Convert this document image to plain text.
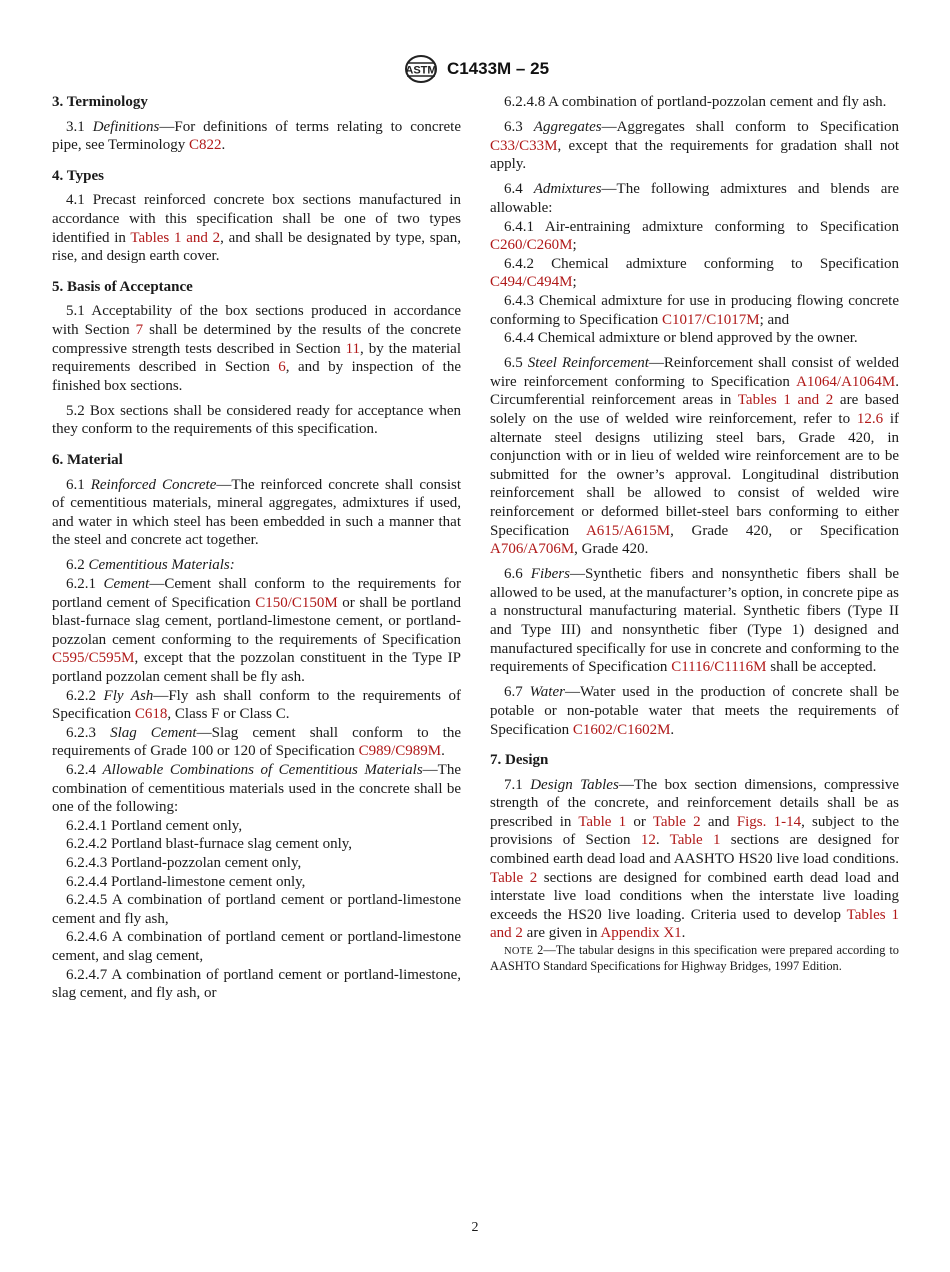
ASTM C1433M – 25
3. Terminology

3.1 Definitions—For definitions of terms relating to concrete pipe, see Terminology C822.

4. Types

4.1 Precast reinforced concrete box sections manufactured in accordance with this specification shall be one of two types identified in Tables 1 and 2, and shall be designated by type, span, rise, and design earth cover.

5. Basis of Acceptance

5.1 Acceptability of the box sections produced in accordance with Section 7 shall be determined by the results of the concrete compressive strength tests described in Section 11, by the material requirements described in Section 6, and by inspection of the finished box sections.

5.2 Box sections shall be considered ready for acceptance when they conform to the requirements of this specification.

6. Material

6.1 Reinforced Concrete—The reinforced concrete shall consist of cementitious materials, mineral aggregates, admixtures if used, and water in which steel has been embedded in such a manner that the steel and concrete act together.

6.2 Cementitious Materials:

6.2.1 Cement—Cement shall conform to the requirements for portland cement of Specification C150/C150M or shall be portland blast-furnace slag cement, portland-limestone cement, or portland-pozzolan cement conforming to the requirements of Specification C595/C595M, except that the pozzolan constituent in the Type IP portland pozzolan cement shall be fly ash.

6.2.2 Fly Ash—Fly ash shall conform to the requirements of Specification C618, Class F or Class C.

6.2.3 Slag Cement—Slag cement shall conform to the requirements of Grade 100 or 120 of Specification C989/C989M.

6.2.4 Allowable Combinations of Cementitious Materials—The combination of cementitious materials used in the concrete shall be one of the following:

6.2.4.1 Portland cement only,

6.2.4.2 Portland blast-furnace slag cement only,

6.2.4.3 Portland-pozzolan cement only,

6.2.4.4 Portland-limestone cement only,

6.2.4.5 A combination of portland cement or portland-limestone cement and fly ash,

6.2.4.6 A combination of portland cement or portland-limestone cement, and slag cement,

6.2.4.7 A combination of portland cement or portland-limestone, slag cement, and fly ash, or

6.2.4.8 A combination of portland-pozzolan cement and fly ash.

6.3 Aggregates—Aggregates shall conform to Specification C33/C33M, except that the requirements for gradation shall not apply.

6.4 Admixtures—The following admixtures and blends are allowable:

6.4.1 Air-entraining admixture conforming to Specification C260/C260M;

6.4.2 Chemical admixture conforming to Specification C494/C494M;

6.4.3 Chemical admixture for use in producing flowing concrete conforming to Specification C1017/C1017M; and

6.4.4 Chemical admixture or blend approved by the owner.

6.5 Steel Reinforcement—Reinforcement shall consist of welded wire reinforcement conforming to Specification A1064/A1064M. Circumferential reinforcement areas in Tables 1 and 2 are based solely on the use of welded wire reinforcement, refer to 12.6 if alternate steel designs utilizing steel bars, Grade 420, in conjunction with or in lieu of welded wire reinforcement are to be submitted for the owner’s approval. Longitudinal distribution reinforcement shall be allowed to consist of welded wire reinforcement or deformed billet-steel bars conforming to either Specification A615/A615M, Grade 420, or Specification A706/A706M, Grade 420.

6.6 Fibers—Synthetic fibers and nonsynthetic fibers shall be allowed to be used, at the manufacturer’s option, in concrete pipe as a nonstructural manufacturing material. Synthetic fibers (Type II and Type III) and nonsynthetic fiber (Type 1) designed and manufactured specifically for use in concrete and conforming to the requirements of Specification C1116/C1116M shall be accepted.

6.7 Water—Water used in the production of concrete shall be potable or non-potable water that meets the requirements of Specification C1602/C1602M.

7. Design

7.1 Design Tables—The box section dimensions, compressive strength of the concrete, and reinforcement details shall be as prescribed in Table 1 or Table 2 and Figs. 1-14, subject to the provisions of Section 12. Table 1 sections are designed for combined earth dead load and AASHTO HS20 live load conditions. Table 2 sections are designed for combined earth dead load and interstate live load conditions when the interstate live loading exceeds the HS20 live loading. Criteria used to develop Tables 1 and 2 are given in Appendix X1.

NOTE 2—The tabular designs in this specification were prepared according to AASHTO Standard Specifications for Highway Bridges, 1997 Edition.

2
